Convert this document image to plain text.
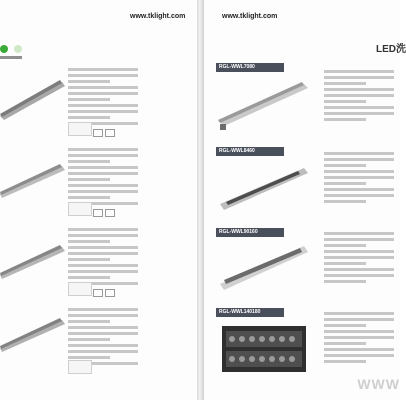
www.tklight.com
	www.tklight.com
LED洗
RGL-WWL7080
RGL-WWL8460
RGL-WWL90160
RGL-WWL140180
WWW
